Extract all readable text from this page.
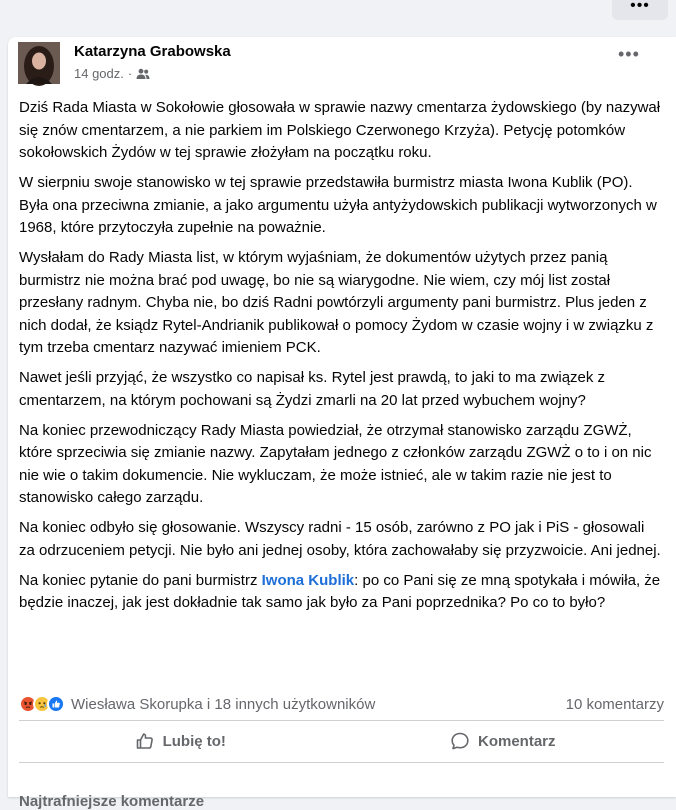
•••
Katarzyna Grabowska
14 godz. ·
•••

Dziś Rada Miasta w Sokołowie głosowała w sprawie nazwy cmentarza żydowskiego (by nazywał się znów cmentarzem, a nie parkiem im Polskiego Czerwonego Krzyża). Petycję potomków sokołowskich Żydów w tej sprawie złożyłam na początku roku.

W sierpniu swoje stanowisko w tej sprawie przedstawiła burmistrz miasta Iwona Kublik (PO). Była ona przeciwna zmianie, a jako argumentu użyła antyżydowskich publikacji wytworzonych w 1968, które przytoczyła zupełnie na poważnie.

Wysłałam do Rady Miasta list, w którym wyjaśniam, że dokumentów użytych przez panią burmistrz nie można brać pod uwagę, bo nie są wiarygodne. Nie wiem, czy mój list został przesłany radnym. Chyba nie, bo dziś Radni powtórzyli argumenty pani burmistrz. Plus jeden z nich dodał, że ksiądz Rytel-Andrianik publikował o pomocy Żydom w czasie wojny i w związku z tym trzeba cmentarz nazywać imieniem PCK.

Nawet jeśli przyjąć, że wszystko co napisał ks. Rytel jest prawdą, to jaki to ma związek z cmentarzem, na którym pochowani są Żydzi zmarli na 20 lat przed wybuchem wojny?

Na koniec przewodniczący Rady Miasta powiedział, że otrzymał stanowisko zarządu ZGWŻ, które sprzeciwia się zmianie nazwy. Zapytałam jednego z członków zarządu ZGWŻ o to i on nic nie wie o takim dokumencie. Nie wykluczam, że może istnieć, ale w takim razie nie jest to stanowisko całego zarządu.

Na koniec odbyło się głosowanie. Wszyscy radni - 15 osób, zarówno z PO jak i PiS - głosowali za odrzuceniem petycji. Nie było ani jednej osoby, która zachowałaby się przyzwoicie. Ani jednej.

Na koniec pytanie do pani burmistrz Iwona Kublik: po co Pani się ze mną spotykała i mówiła, że będzie inaczej, jak jest dokładnie tak samo jak było za Pani poprzednika? Po co to było?

Wiesława Skorupka i 18 innych użytkowników	10 komentarzy
Lubię to!	Komentarz
Najtrafniejsze komentarze
